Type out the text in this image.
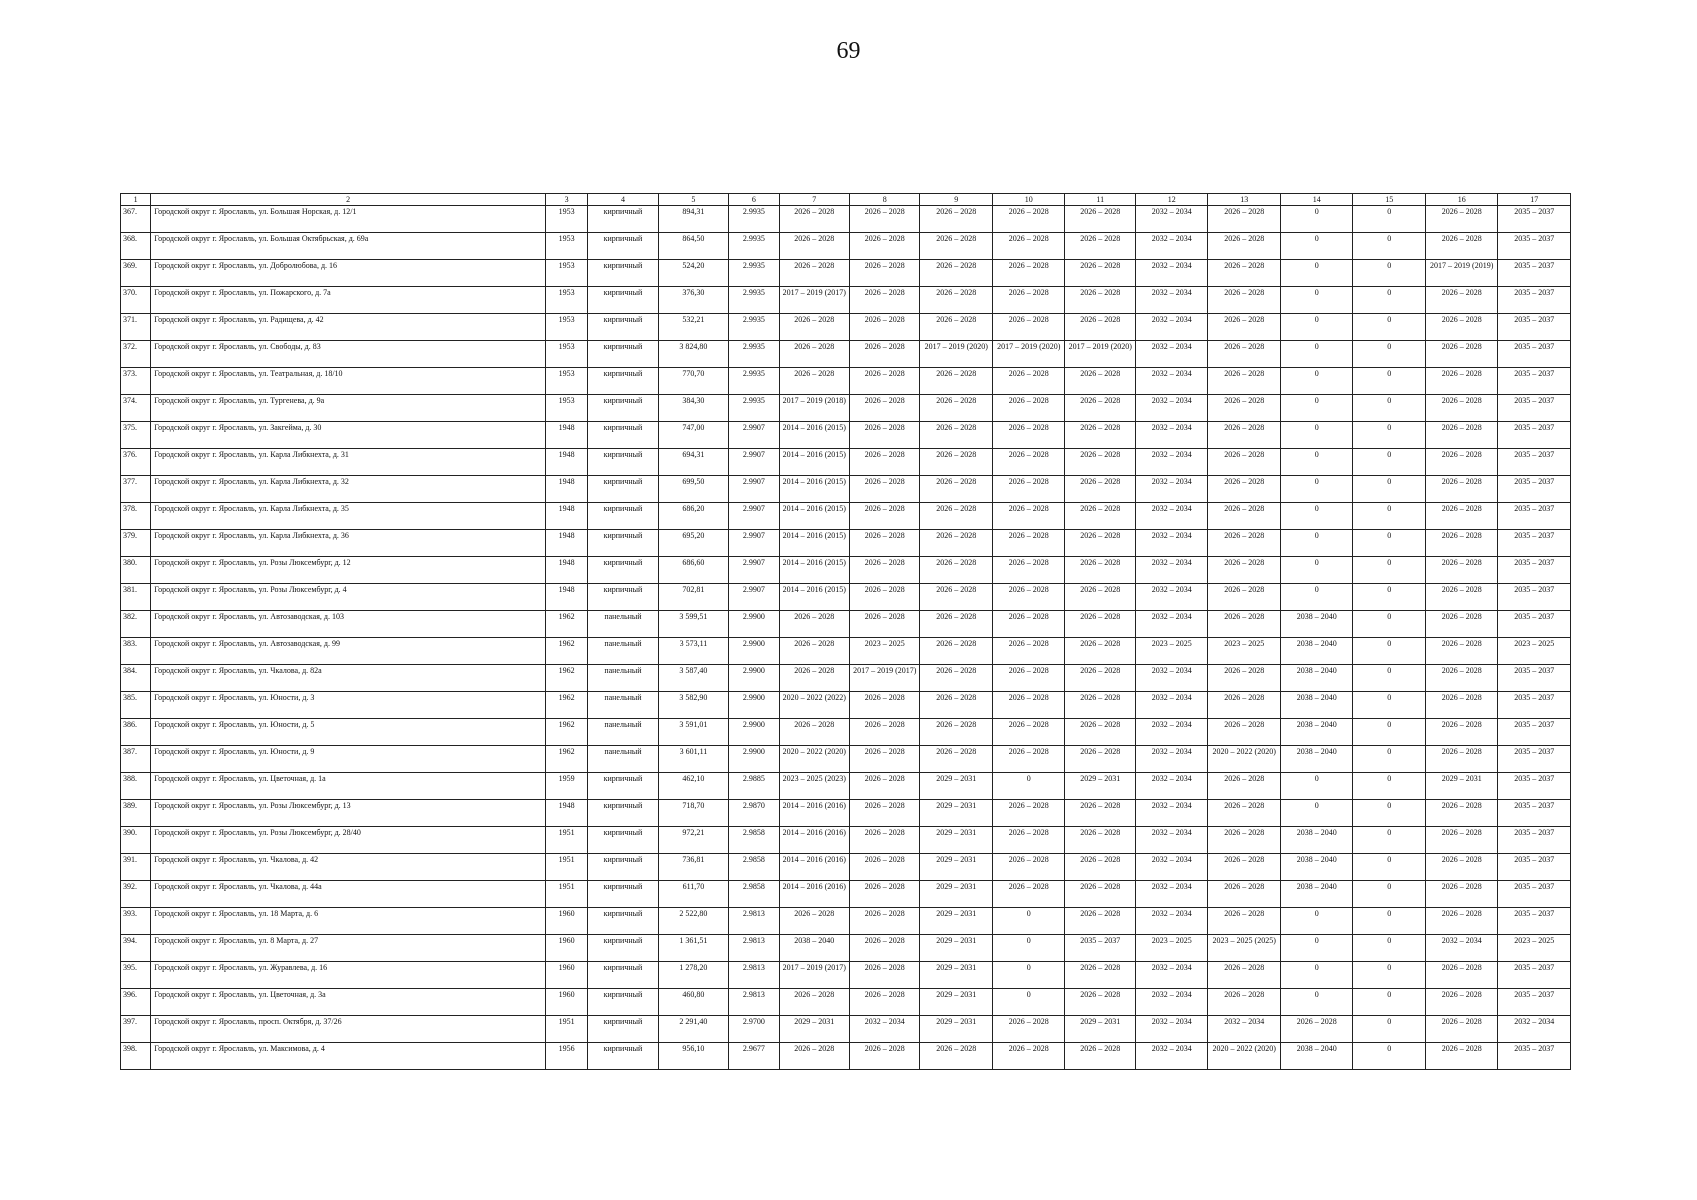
69
1	2	3	4	5	6	7	8	9	10	11	12	13	14	15	16	17
367.	Городской округ г. Ярославль, ул. Большая Норская, д. 12/1	1953	кирпичный	894,31	2.9935	2026 – 2028	2026 – 2028	2026 – 2028	2026 – 2028	2026 – 2028	2032 – 2034	2026 – 2028	0	0	2026 – 2028	2035 – 2037
368.	Городской округ г. Ярославль, ул. Большая Октябрьская, д. 69а	1953	кирпичный	864,50	2.9935	2026 – 2028	2026 – 2028	2026 – 2028	2026 – 2028	2026 – 2028	2032 – 2034	2026 – 2028	0	0	2026 – 2028	2035 – 2037
369.	Городской округ г. Ярославль, ул. Добролюбова, д. 16	1953	кирпичный	524,20	2.9935	2026 – 2028	2026 – 2028	2026 – 2028	2026 – 2028	2026 – 2028	2032 – 2034	2026 – 2028	0	0	2017 – 2019 (2019)	2035 – 2037
370.	Городской округ г. Ярославль, ул. Пожарского, д. 7а	1953	кирпичный	376,30	2.9935	2017 – 2019 (2017)	2026 – 2028	2026 – 2028	2026 – 2028	2026 – 2028	2032 – 2034	2026 – 2028	0	0	2026 – 2028	2035 – 2037
371.	Городской округ г. Ярославль, ул. Радищева, д. 42	1953	кирпичный	532,21	2.9935	2026 – 2028	2026 – 2028	2026 – 2028	2026 – 2028	2026 – 2028	2032 – 2034	2026 – 2028	0	0	2026 – 2028	2035 – 2037
372.	Городской округ г. Ярославль, ул. Свободы, д. 83	1953	кирпичный	3 824,80	2.9935	2026 – 2028	2026 – 2028	2017 – 2019 (2020)	2017 – 2019 (2020)	2017 – 2019 (2020)	2032 – 2034	2026 – 2028	0	0	2026 – 2028	2035 – 2037
373.	Городской округ г. Ярославль, ул. Театральная, д. 18/10	1953	кирпичный	770,70	2.9935	2026 – 2028	2026 – 2028	2026 – 2028	2026 – 2028	2026 – 2028	2032 – 2034	2026 – 2028	0	0	2026 – 2028	2035 – 2037
374.	Городской округ г. Ярославль, ул. Тургенева, д. 9а	1953	кирпичный	384,30	2.9935	2017 – 2019 (2018)	2026 – 2028	2026 – 2028	2026 – 2028	2026 – 2028	2032 – 2034	2026 – 2028	0	0	2026 – 2028	2035 – 2037
375.	Городской округ г. Ярославль, ул. Закгейма, д. 30	1948	кирпичный	747,00	2.9907	2014 – 2016 (2015)	2026 – 2028	2026 – 2028	2026 – 2028	2026 – 2028	2032 – 2034	2026 – 2028	0	0	2026 – 2028	2035 – 2037
376.	Городской округ г. Ярославль, ул. Карла Либкнехта, д. 31	1948	кирпичный	694,31	2.9907	2014 – 2016 (2015)	2026 – 2028	2026 – 2028	2026 – 2028	2026 – 2028	2032 – 2034	2026 – 2028	0	0	2026 – 2028	2035 – 2037
377.	Городской округ г. Ярославль, ул. Карла Либкнехта, д. 32	1948	кирпичный	699,50	2.9907	2014 – 2016 (2015)	2026 – 2028	2026 – 2028	2026 – 2028	2026 – 2028	2032 – 2034	2026 – 2028	0	0	2026 – 2028	2035 – 2037
378.	Городской округ г. Ярославль, ул. Карла Либкнехта, д. 35	1948	кирпичный	686,20	2.9907	2014 – 2016 (2015)	2026 – 2028	2026 – 2028	2026 – 2028	2026 – 2028	2032 – 2034	2026 – 2028	0	0	2026 – 2028	2035 – 2037
379.	Городской округ г. Ярославль, ул. Карла Либкнехта, д. 36	1948	кирпичный	695,20	2.9907	2014 – 2016 (2015)	2026 – 2028	2026 – 2028	2026 – 2028	2026 – 2028	2032 – 2034	2026 – 2028	0	0	2026 – 2028	2035 – 2037
380.	Городской округ г. Ярославль, ул. Розы Люксембург, д. 12	1948	кирпичный	686,60	2.9907	2014 – 2016 (2015)	2026 – 2028	2026 – 2028	2026 – 2028	2026 – 2028	2032 – 2034	2026 – 2028	0	0	2026 – 2028	2035 – 2037
381.	Городской округ г. Ярославль, ул. Розы Люксембург, д. 4	1948	кирпичный	702,81	2.9907	2014 – 2016 (2015)	2026 – 2028	2026 – 2028	2026 – 2028	2026 – 2028	2032 – 2034	2026 – 2028	0	0	2026 – 2028	2035 – 2037
382.	Городской округ г. Ярославль, ул. Автозаводская, д. 103	1962	панельный	3 599,51	2.9900	2026 – 2028	2026 – 2028	2026 – 2028	2026 – 2028	2026 – 2028	2032 – 2034	2026 – 2028	2038 – 2040	0	2026 – 2028	2035 – 2037
383.	Городской округ г. Ярославль, ул. Автозаводская, д. 99	1962	панельный	3 573,11	2.9900	2026 – 2028	2023 – 2025	2026 – 2028	2026 – 2028	2026 – 2028	2023 – 2025	2023 – 2025	2038 – 2040	0	2026 – 2028	2023 – 2025
384.	Городской округ г. Ярославль, ул. Чкалова, д. 82а	1962	панельный	3 587,40	2.9900	2026 – 2028	2017 – 2019 (2017)	2026 – 2028	2026 – 2028	2026 – 2028	2032 – 2034	2026 – 2028	2038 – 2040	0	2026 – 2028	2035 – 2037
385.	Городской округ г. Ярославль, ул. Юности, д. 3	1962	панельный	3 582,90	2.9900	2020 – 2022 (2022)	2026 – 2028	2026 – 2028	2026 – 2028	2026 – 2028	2032 – 2034	2026 – 2028	2038 – 2040	0	2026 – 2028	2035 – 2037
386.	Городской округ г. Ярославль, ул. Юности, д. 5	1962	панельный	3 591,01	2.9900	2026 – 2028	2026 – 2028	2026 – 2028	2026 – 2028	2026 – 2028	2032 – 2034	2026 – 2028	2038 – 2040	0	2026 – 2028	2035 – 2037
387.	Городской округ г. Ярославль, ул. Юности, д. 9	1962	панельный	3 601,11	2.9900	2020 – 2022 (2020)	2026 – 2028	2026 – 2028	2026 – 2028	2026 – 2028	2032 – 2034	2020 – 2022 (2020)	2038 – 2040	0	2026 – 2028	2035 – 2037
388.	Городской округ г. Ярославль, ул. Цветочная, д. 1а	1959	кирпичный	462,10	2.9885	2023 – 2025 (2023)	2026 – 2028	2029 – 2031	0	2029 – 2031	2032 – 2034	2026 – 2028	0	0	2029 – 2031	2035 – 2037
389.	Городской округ г. Ярославль, ул. Розы Люксембург, д. 13	1948	кирпичный	718,70	2.9870	2014 – 2016 (2016)	2026 – 2028	2029 – 2031	2026 – 2028	2026 – 2028	2032 – 2034	2026 – 2028	0	0	2026 – 2028	2035 – 2037
390.	Городской округ г. Ярославль, ул. Розы Люксембург, д. 28/40	1951	кирпичный	972,21	2.9858	2014 – 2016 (2016)	2026 – 2028	2029 – 2031	2026 – 2028	2026 – 2028	2032 – 2034	2026 – 2028	2038 – 2040	0	2026 – 2028	2035 – 2037
391.	Городской округ г. Ярославль, ул. Чкалова, д. 42	1951	кирпичный	736,81	2.9858	2014 – 2016 (2016)	2026 – 2028	2029 – 2031	2026 – 2028	2026 – 2028	2032 – 2034	2026 – 2028	2038 – 2040	0	2026 – 2028	2035 – 2037
392.	Городской округ г. Ярославль, ул. Чкалова, д. 44а	1951	кирпичный	611,70	2.9858	2014 – 2016 (2016)	2026 – 2028	2029 – 2031	2026 – 2028	2026 – 2028	2032 – 2034	2026 – 2028	2038 – 2040	0	2026 – 2028	2035 – 2037
393.	Городской округ г. Ярославль, ул. 18 Марта, д. 6	1960	кирпичный	2 522,80	2.9813	2026 – 2028	2026 – 2028	2029 – 2031	0	2026 – 2028	2032 – 2034	2026 – 2028	0	0	2026 – 2028	2035 – 2037
394.	Городской округ г. Ярославль, ул. 8 Марта, д. 27	1960	кирпичный	1 361,51	2.9813	2038 – 2040	2026 – 2028	2029 – 2031	0	2035 – 2037	2023 – 2025	2023 – 2025 (2025)	0	0	2032 – 2034	2023 – 2025
395.	Городской округ г. Ярославль, ул. Журавлева, д. 16	1960	кирпичный	1 278,20	2.9813	2017 – 2019 (2017)	2026 – 2028	2029 – 2031	0	2026 – 2028	2032 – 2034	2026 – 2028	0	0	2026 – 2028	2035 – 2037
396.	Городской округ г. Ярославль, ул. Цветочная, д. 3а	1960	кирпичный	460,80	2.9813	2026 – 2028	2026 – 2028	2029 – 2031	0	2026 – 2028	2032 – 2034	2026 – 2028	0	0	2026 – 2028	2035 – 2037
397.	Городской округ г. Ярославль, просп. Октября, д. 37/26	1951	кирпичный	2 291,40	2.9700	2029 – 2031	2032 – 2034	2029 – 2031	2026 – 2028	2029 – 2031	2032 – 2034	2032 – 2034	2026 – 2028	0	2026 – 2028	2032 – 2034
398.	Городской округ г. Ярославль, ул. Максимова, д. 4	1956	кирпичный	956,10	2.9677	2026 – 2028	2026 – 2028	2026 – 2028	2026 – 2028	2026 – 2028	2032 – 2034	2020 – 2022 (2020)	2038 – 2040	0	2026 – 2028	2035 – 2037
